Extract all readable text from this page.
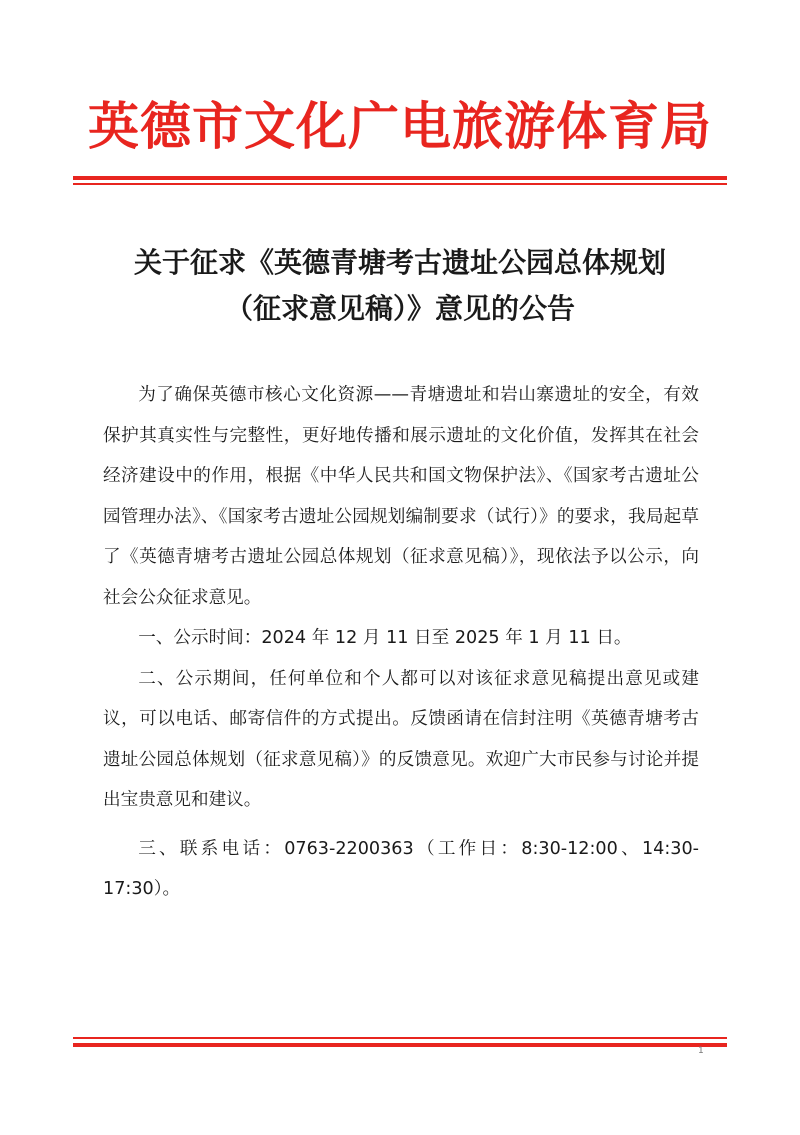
英德市文化广电旅游体育局
关于征求《英德青塘考古遗址公园总体规划
（征求意见稿）》意见的公告

为了确保英德市核心文化资源——青塘遗址和岩山寨遗址的安全，有效保护其真实性与完整性，更好地传播和展示遗址的文化价值，发挥其在社会经济建设中的作用，根据《中华人民共和国文物保护法》、《国家考古遗址公园管理办法》、《国家考古遗址公园规划编制要求（试行）》的要求，我局起草了《英德青塘考古遗址公园总体规划（征求意见稿）》，现依法予以公示，向社会公众征求意见。

一、公示时间：2024 年 12 月 11 日至 2025 年 1 月 11 日。

二、公示期间，任何单位和个人都可以对该征求意见稿提出意见或建议，可以电话、邮寄信件的方式提出。反馈函请在信封注明《英德青塘考古遗址公园总体规划（征求意见稿）》的反馈意见。欢迎广大市民参与讨论并提出宝贵意见和建议。

三、联系电话：0763-2200363（工作日：8:30-12:00、14:30-17:30）。

1
